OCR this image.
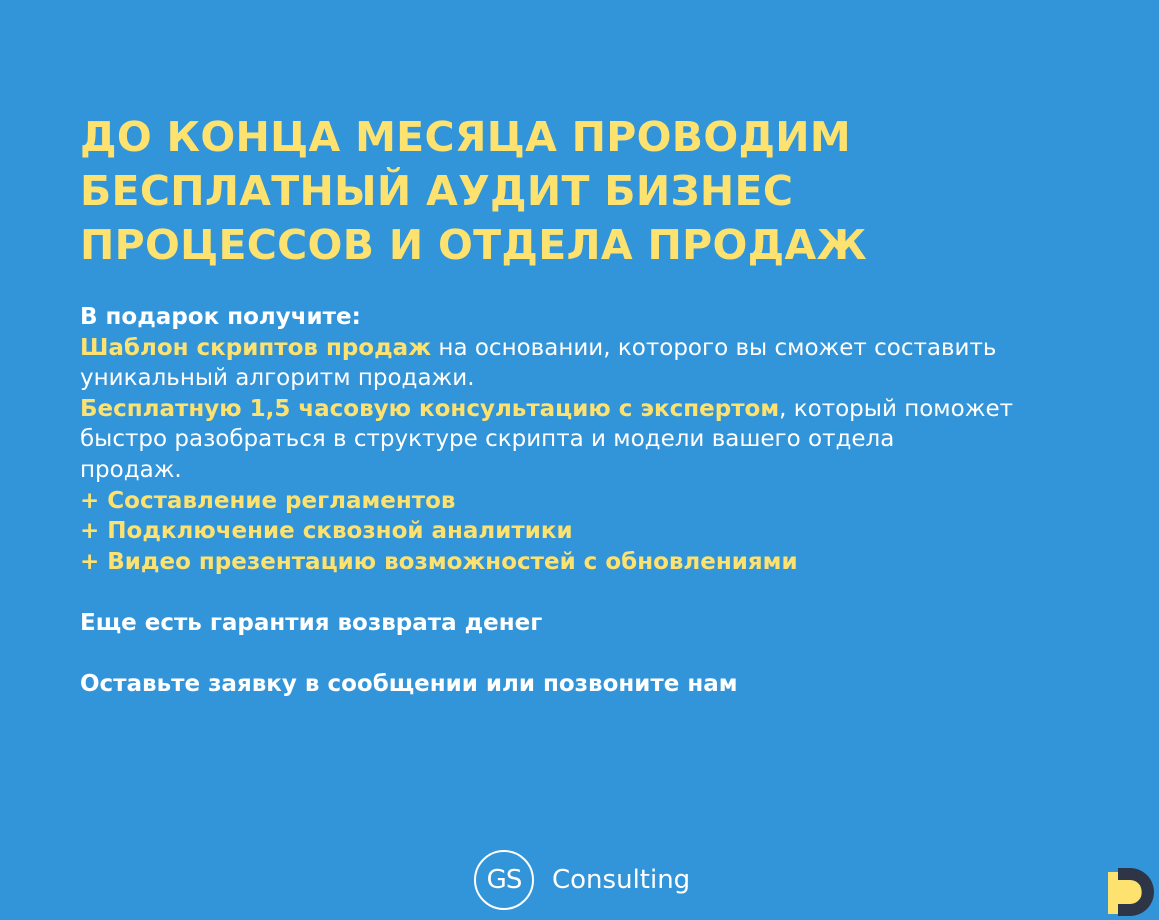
ДО КОНЦА МЕСЯЦА ПРОВОДИМ
БЕСПЛАТНЫЙ АУДИТ БИЗНЕС
ПРОЦЕССОВ И ОТДЕЛА ПРОДАЖ
В подарок получите:
Шаблон скриптов продаж на основании, которого вы сможет составить
уникальный алгоритм продажи.
Бесплатную 1,5 часовую консультацию с экспертом, который поможет
быстро разобраться в структуре скрипта и модели вашего отдела
продаж.
+ Составление регламентов
+ Подключение сквозной аналитики
+ Видео презентацию возможностей с обновлениями
Еще есть гарантия возврата денег
Оставьте заявку в сообщении или позвоните нам
GS	Consulting
